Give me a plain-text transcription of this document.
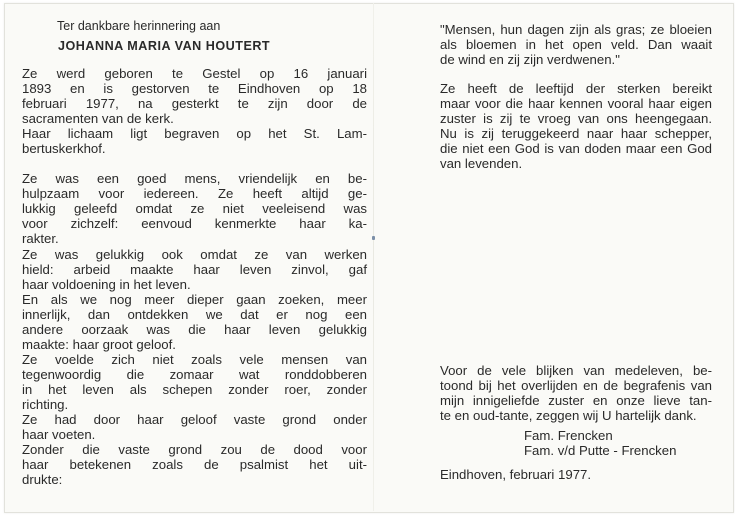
Ter dankbare herinnering aan
JOHANNA MARIA VAN HOUTERT
Ze werd geboren te Gestel op 16 januari
1893 en is gestorven te Eindhoven op 18
februari 1977, na gesterkt te zijn door de
sacramenten van de kerk.
Haar lichaam ligt begraven op het St. Lam-
bertuskerkhof.
Ze was een goed mens, vriendelijk en be-
hulpzaam voor iedereen. Ze heeft altijd ge-
lukkig geleefd omdat ze niet veeleisend was
voor zichzelf: eenvoud kenmerkte haar ka-
rakter.
Ze was gelukkig ook omdat ze van werken
hield: arbeid maakte haar leven zinvol, gaf
haar voldoening in het leven.
En als we nog meer dieper gaan zoeken, meer
innerlijk, dan ontdekken we dat er nog een
andere oorzaak was die haar leven gelukkig
maakte: haar groot geloof.
Ze voelde zich niet zoals vele mensen van
tegenwoordig die zomaar wat ronddobberen
in het leven als schepen zonder roer, zonder
richting.
Ze had door haar geloof vaste grond onder
haar voeten.
Zonder die vaste grond zou de dood voor
haar betekenen zoals de psalmist het uit-
drukte:
"Mensen, hun dagen zijn als gras; ze bloeien
als bloemen in het open veld. Dan waait
de wind en zij zijn verdwenen."
Ze heeft de leeftijd der sterken bereikt
maar voor die haar kennen vooral haar eigen
zuster is zij te vroeg van ons heengegaan.
Nu is zij teruggekeerd naar haar schepper,
die niet een God is van doden maar een God
van levenden.
Voor de vele blijken van medeleven, be-
toond bij het overlijden en de begrafenis van
mijn innigeliefde zuster en onze lieve tan-
te en oud-tante, zeggen wij U hartelijk dank.
Fam. Frencken
Fam. v/d Putte - Frencken
Eindhoven, februari 1977.
